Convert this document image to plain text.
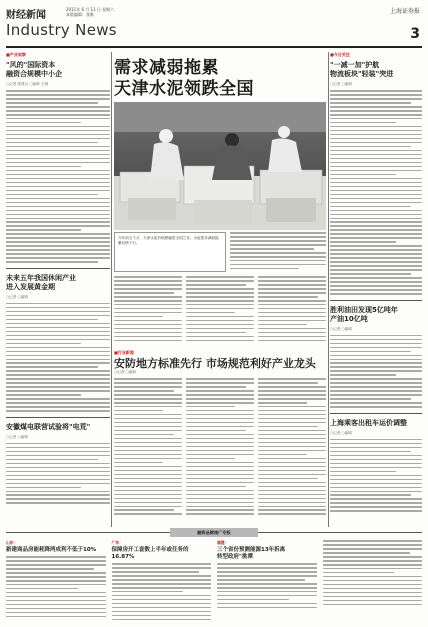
财经新闻
2011年 6 月 11 日 星期六
本版编辑：张维
Industry News
上海证券报
3
■产业观察
"风的"国际资本
融资合规模中小企
○记者 陈建兵 ○编辑 王婉
未来五年我国休闲产业
进入发展黄金期
○记者 ○编辑
安徽煤电联营试验将"电荒"
○记者 ○编辑
需求减弱拖累
天津水泥领跌全国
今年前五个月，天津水泥价格跌幅居全国之首。水泥需求减弱拖累价格下行。
■行业新闻
安防地方标准先行 市场规范利好产业龙头
○记者 ○编辑
■今日关注
"一减一加"护航
物流板块"轻装"突进
○记者 ○编辑
胜利油田发现5亿吨年
产油10亿吨
○记者 ○编辑
上海乘客出租车运价调整
○记者 ○编辑
融资品牌推广专版
山东：
新建商品房能耗降两成利不低于10%
广东：
保障房开工套数上半年或任务的 16.87%
福建：
三个省份预测能源13年拆离
转型政府"挑潭
